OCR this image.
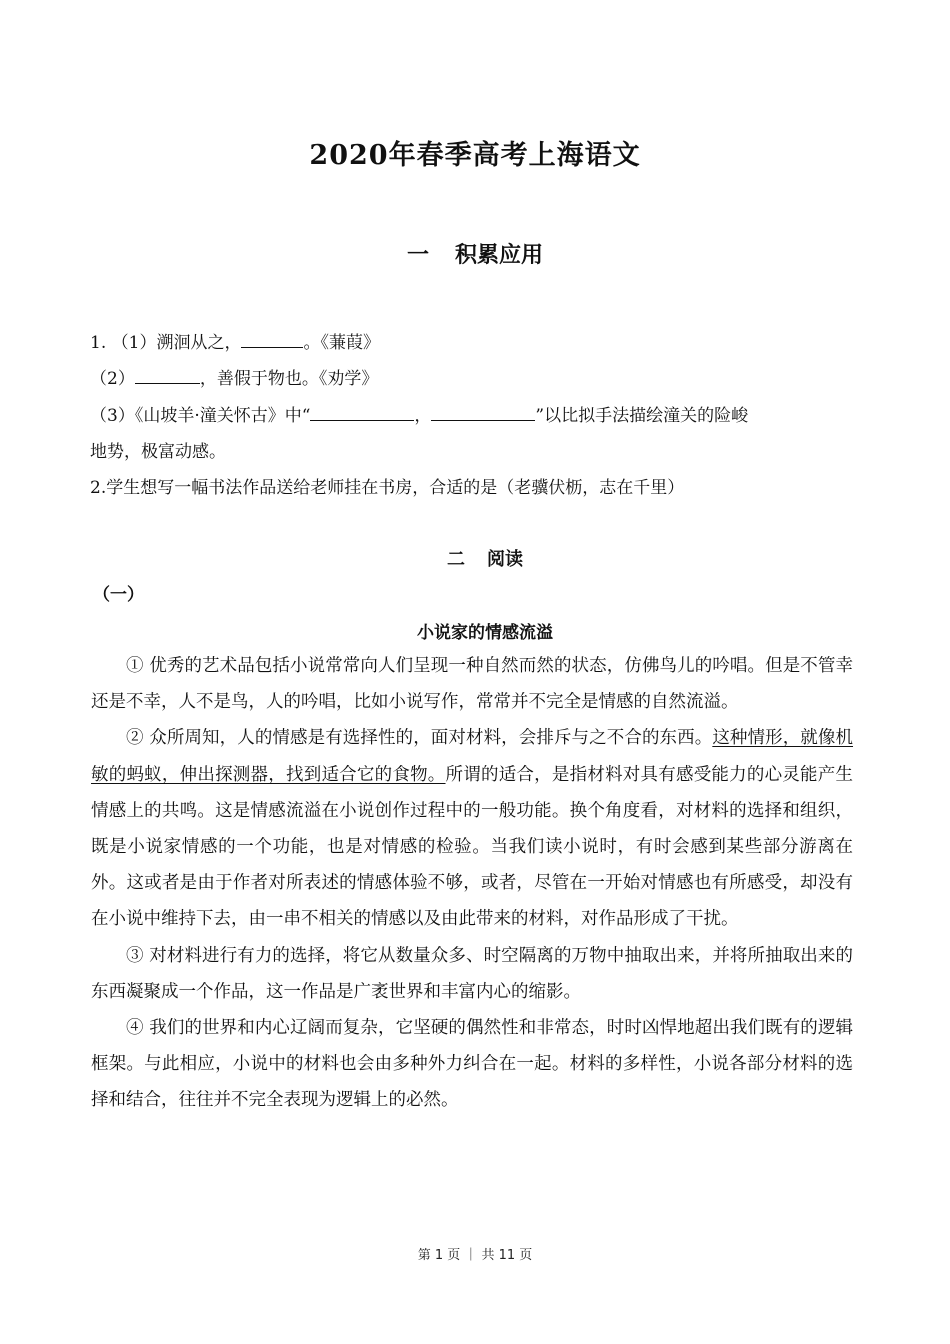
2020年春季高考上海语文
一 积累应用
1. （1）溯洄从之，	。《蒹葭》
（2）	，善假于物也。《劝学》
（3）《山坡羊·潼关怀古》中“	，	”以比拟手法描绘潼关的险峻
地势，极富动感。
2.学生想写一幅书法作品送给老师挂在书房，合适的是（老骥伏枥，志在千里）
二 阅读
（一）
小说家的情感流溢

① 优秀的艺术品包括小说常常向人们呈现一种自然而然的状态，仿佛鸟儿的吟唱。但是不管幸还是不幸，人不是鸟，人的吟唱，比如小说写作，常常并不完全是情感的自然流溢。

② 众所周知，人的情感是有选择性的，面对材料，会排斥与之不合的东西。这种情形，就像机敏的蚂蚁，伸出探测器，找到适合它的食物。所谓的适合，是指材料对具有感受能力的心灵能产生情感上的共鸣。这是情感流溢在小说创作过程中的一般功能。换个角度看，对材料的选择和组织，既是小说家情感的一个功能，也是对情感的检验。当我们读小说时，有时会感到某些部分游离在外。这或者是由于作者对所表述的情感体验不够，或者，尽管在一开始对情感也有所感受，却没有在小说中维持下去，由一串不相关的情感以及由此带来的材料，对作品形成了干扰。

③ 对材料进行有力的选择，将它从数量众多、时空隔离的万物中抽取出来，并将所抽取出来的东西凝聚成一个作品，这一作品是广袤世界和丰富内心的缩影。

④ 我们的世界和内心辽阔而复杂，它坚硬的偶然性和非常态，时时凶悍地超出我们既有的逻辑框架。与此相应，小说中的材料也会由多种外力纠合在一起。材料的多样性，小说各部分材料的选择和结合，往往并不完全表现为逻辑上的必然。

第 1 页 ｜ 共 11 页
